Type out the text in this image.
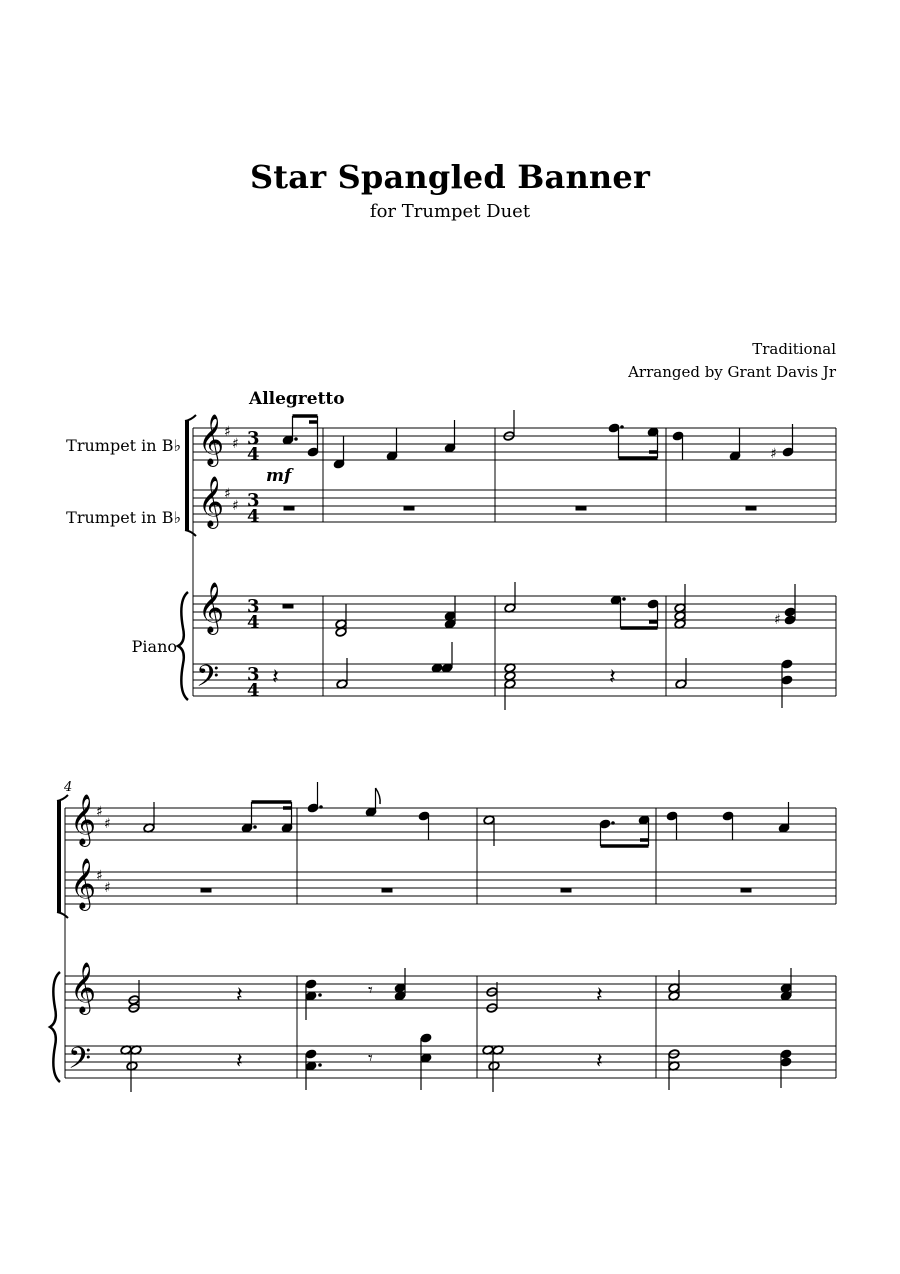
Star Spangled Banner
for Trumpet Duet
Traditional
Arranged by Grant Davis Jr
Allegretto
Trumpet in B♭
Trumpet in B♭
Piano
mf
4
𝄞
𝄞
𝄞
𝄢
♯
♯
♯
♯
3
4
3
4
3
4
3
4
♯
♯
𝄽	𝄽
𝄞
𝄞
𝄞
𝄢
♯
♯
♯
♯
𝄽	𝄾	𝄽
𝄽	𝄾	𝄽
